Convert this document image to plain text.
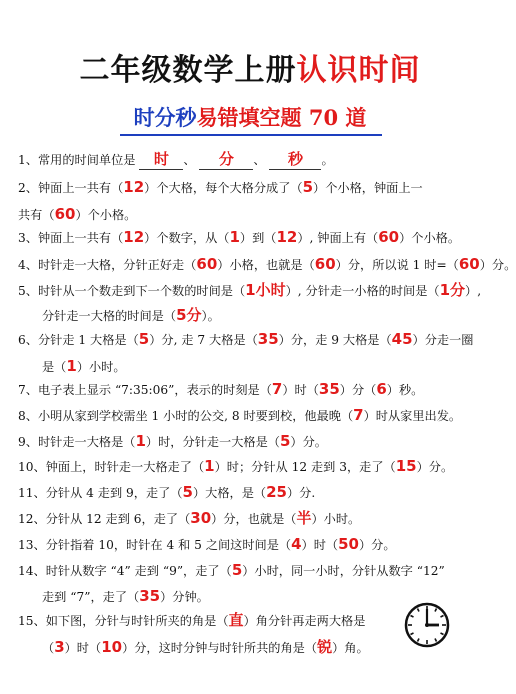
二年级数学上册认识时间
时分秒易错填空题 70 道
1、常用的时间单位是 时 、 分 、 秒 。
2、钟面上一共有（12）个大格，每个大格分成了（5）个小格，钟面上一
共有（60）个小格。
3、钟面上一共有（12）个数字，从（1）到（12）, 钟面上有（60）个小格。
4、时针走一大格，分针正好走（60）小格，也就是（60）分，所以说 1 时=（60）分。
5、时针从一个数走到下一个数的时间是（1小时）, 分针走一小格的时间是（1分）,
分针走一大格的时间是（5分）。
6、分针走 1 大格是（5）分, 走 7 大格是（35）分，走 9 大格是（45）分走一圈
是（1）小时。
7、电子表上显示 “7:35:06”，表示的时刻是（7）时（35）分（6）秒。
8、小明从家到学校需坐 1 小时的公交, 8 时要到校，他最晚（7）时从家里出发。
9、时针走一大格是（1）时，分针走一大格是（5）分。
10、钟面上，时针走一大格走了（1）时；分针从 12 走到 3，走了（15）分。
11、分针从 4 走到 9，走了（5）大格，是（25）分.
12、分针从 12 走到 6，走了（30）分，也就是（半）小时。
13、分针指着 10，时针在 4 和 5 之间这时间是（4）时（50）分。
14、时针从数字 “4” 走到 “9”，走了（5）小时，同一小时，分针从数字 “12”
走到 “7”，走了（35）分钟。
15、如下图，分针与时针所夹的角是（直）角分针再走两大格是
（3）时（10）分，这时分钟与时针所共的角是（锐）角。
